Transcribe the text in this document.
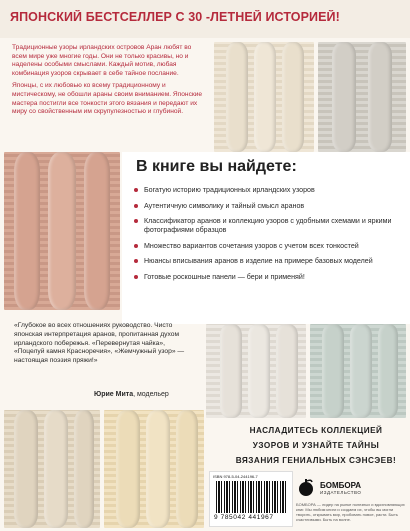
ЯПОНСКИЙ БЕСТСЕЛЛЕР С 30 -ЛЕТНЕЙ ИСТОРИЕЙ!

Традиционные узоры ирландских островов Аран любят во всем мире уже многие годы. Они не только красивы, но и наделены особыми смыслами. Каждый мотив, любая комбинация узоров скрывает в себе тайное послание.

Японцы, с их любовью ко всему традиционному и мистическому, не обошли араны своим вниманием. Японские мастера постигли все тонкости этого вязания и передают их миру со свойственным им скрупулезностью и глубиной.

В книге вы найдете:
Богатую историю традиционных ирландских узоров
Аутентичную символику и тайный смысл аранов
Классификатор аранов и коллекцию узоров с удобными схемами и яркими фотографиями образцов
Множество вариантов сочетания узоров с учетом всех тонкостей
Нюансы вписывания аранов в изделие на примере базовых моделей
Готовые роскошные панели — бери и применяй!
«Глубокое во всех отношениях руководство. Чисто японская интерпретация аранов, пропитанная духом ирландского побережья. «Перевернутая чайка», «Поцелуй камня Красноречия», «Жемчужный узор» — настоящая поэзия пряжи!»
Юрие Мита, модельер
НАСЛАДИТЕСЬ КОЛЛЕКЦИЕЙ
УЗОРОВ И УЗНАЙТЕ ТАЙНЫ
ВЯЗАНИЯ ГЕНИАЛЬНЫХ СЭНСЭЕВ!
ISBN 978-5-04-244196-7
9 785042 441967
БОМБОРА
ИЗДАТЕЛЬСТВО
БОМБОРА — лидер на рынке полезных и вдохновляющих книг. Мы любим книги и создаем их, чтобы вы могли творить, открывать мир, пробовать новое, расти. Быть счастливыми. Быть на волне.
